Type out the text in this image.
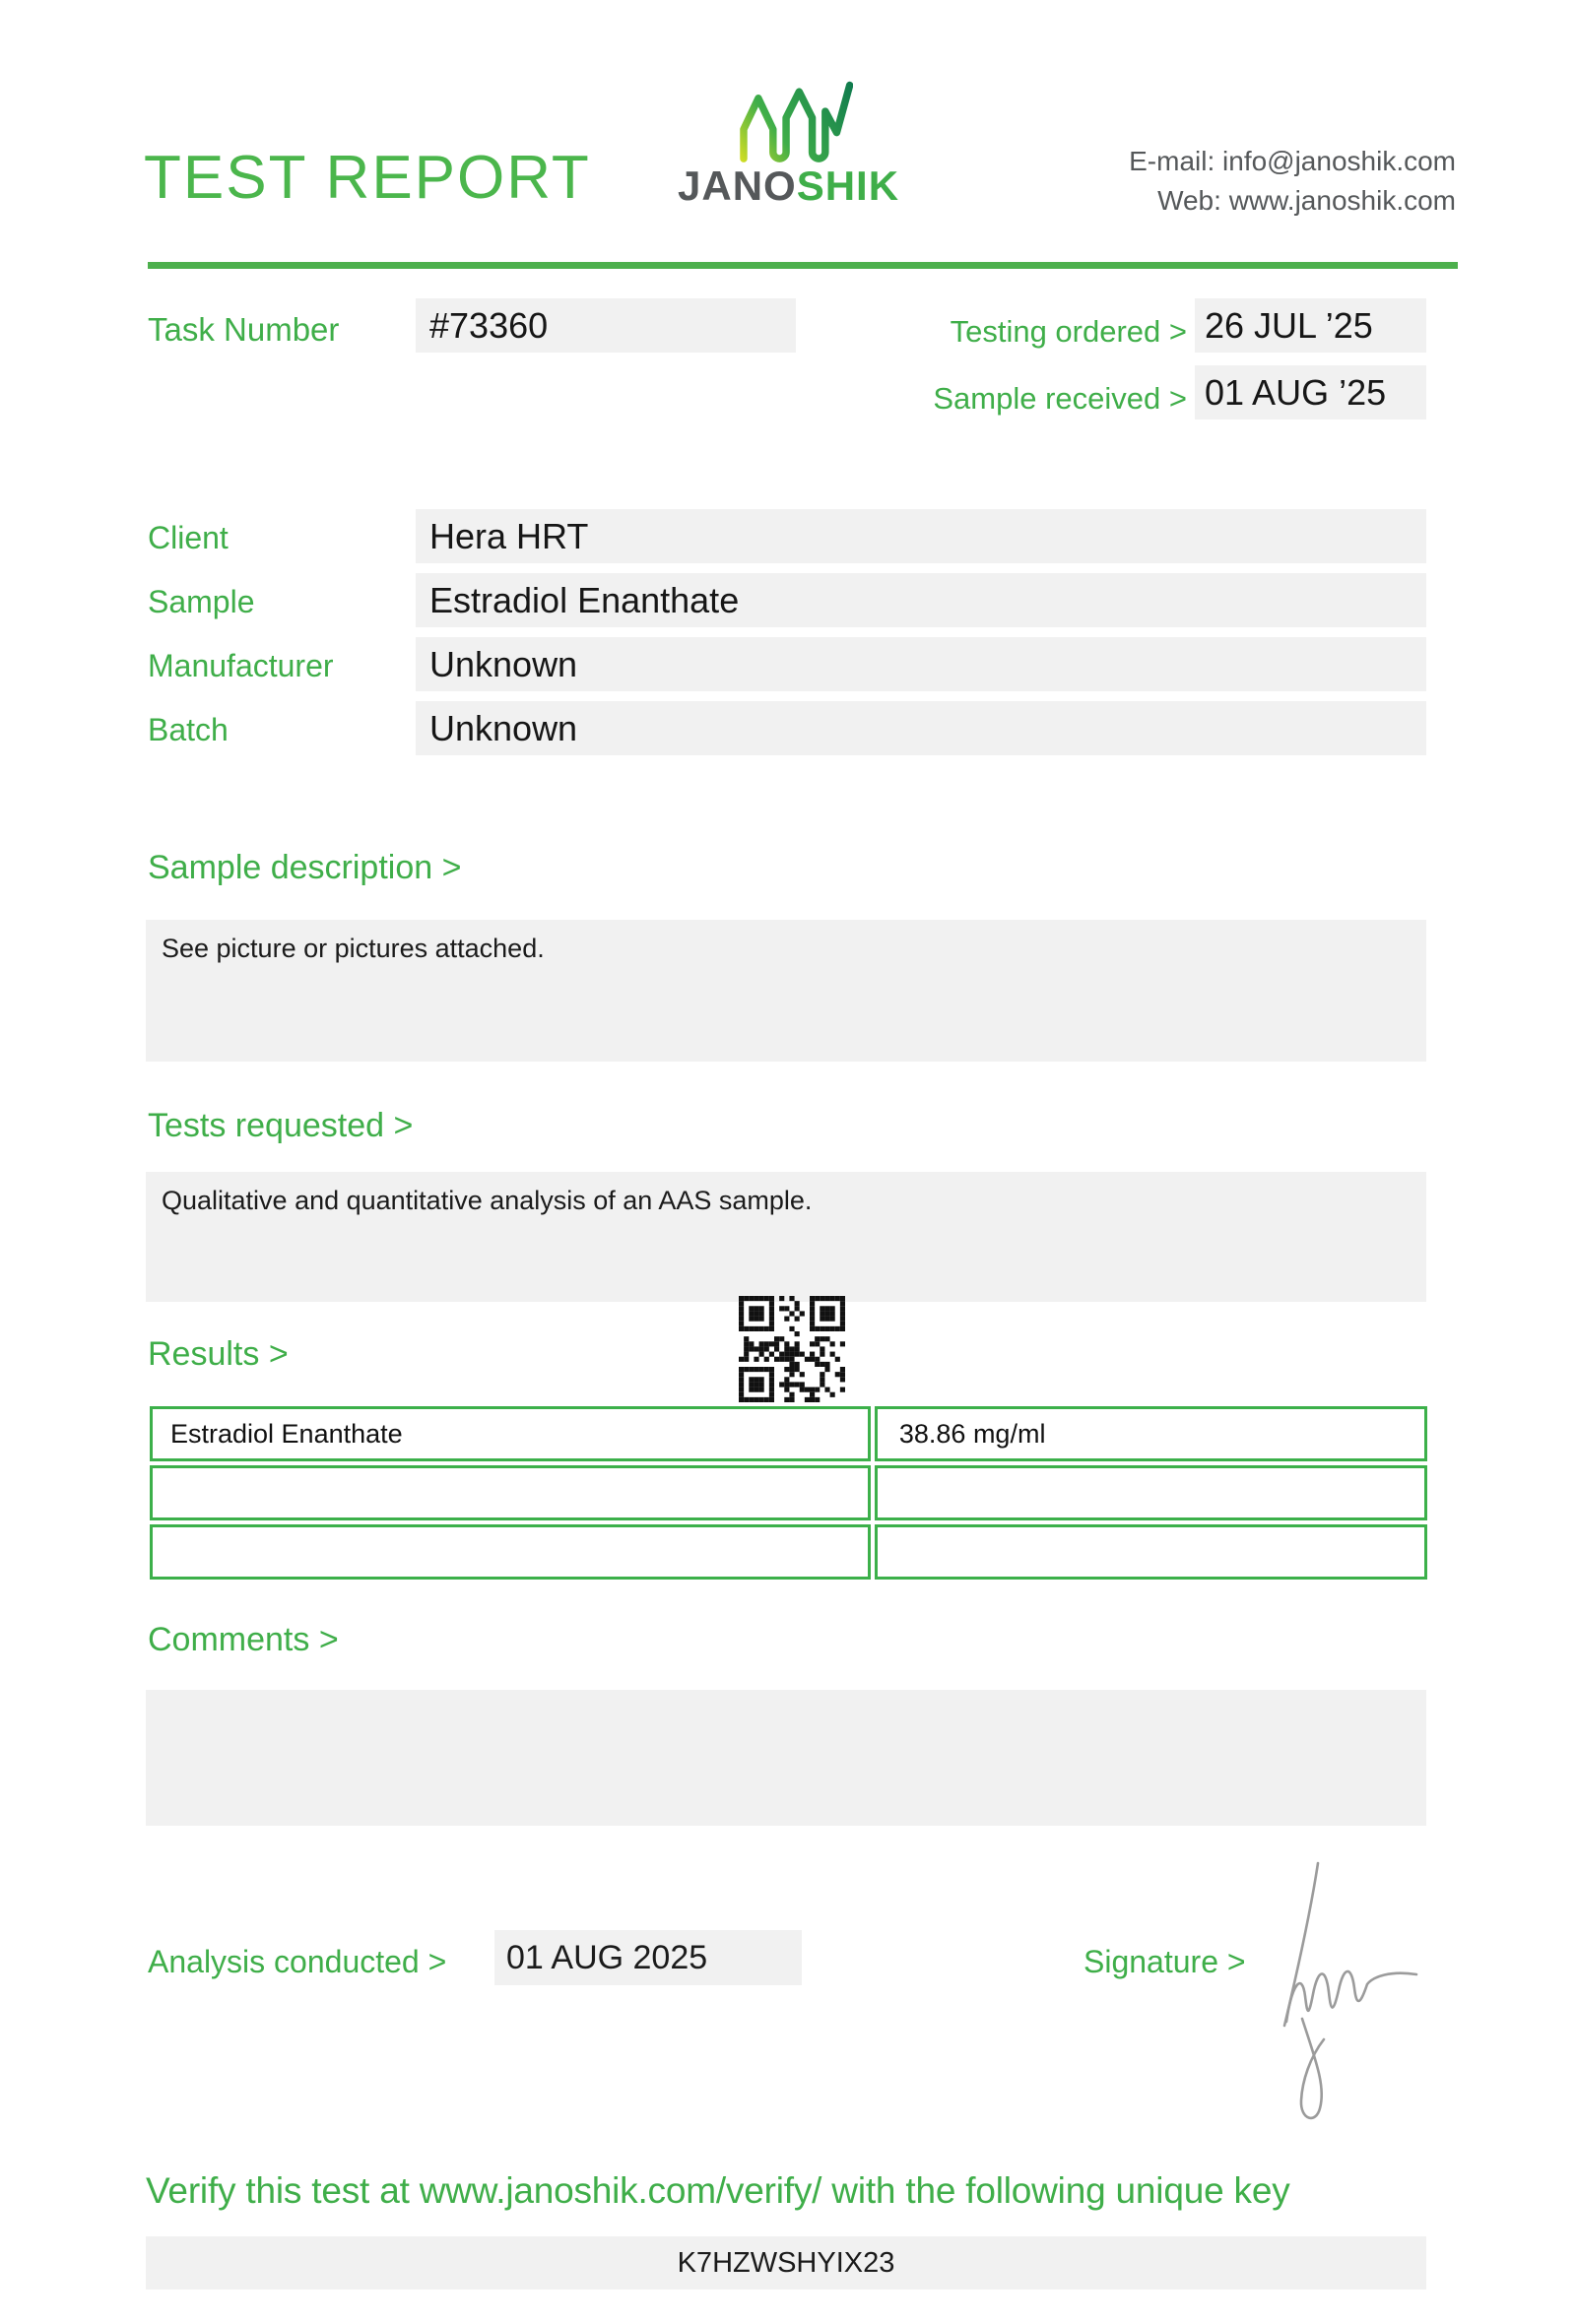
TEST REPORT JANOSHIK
E-mail: info@janoshik.com
Web: www.janoshik.com
Task Number	#73360	Testing ordered > 26 JUL ’25
Sample received > 01 AUG ’25
Client	Hera HRT
Sample	Estradiol Enanthate
Manufacturer	Unknown
Batch	Unknown
Sample description >
See picture or pictures attached.
Tests requested >
Qualitative and quantitative analysis of an AAS sample.
Results >
Estradiol Enanthate	38.86 mg/ml
Comments >
Analysis conducted >	01 AUG 2025	Signature >
Verify this test at www.janoshik.com/verify/ with the following unique key
K7HZWSHYIX23
